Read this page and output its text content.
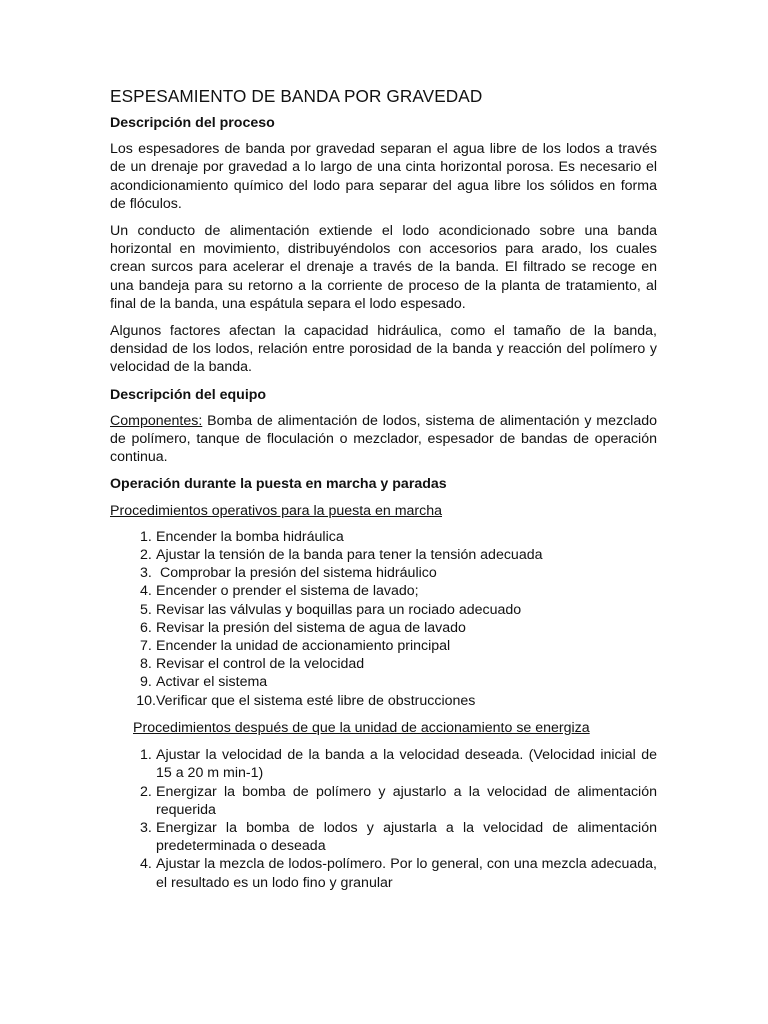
ESPESAMIENTO DE BANDA POR GRAVEDAD
Descripción del proceso

Los espesadores de banda por gravedad separan el agua libre de los lodos a través de un drenaje por gravedad a lo largo de una cinta horizontal porosa. Es necesario el acondicionamiento químico del lodo para separar del agua libre los sólidos en forma de flóculos.

Un conducto de alimentación extiende el lodo acondicionado sobre una banda horizontal en movimiento, distribuyéndolos con accesorios para arado, los cuales crean surcos para acelerar el drenaje a través de la banda. El filtrado se recoge en una bandeja para su retorno a la corriente de proceso de la planta de tratamiento, al final de la banda, una espátula separa el lodo espesado.

Algunos factores afectan la capacidad hidráulica, como el tamaño de la banda, densidad de los lodos, relación entre porosidad de la banda y reacción del polímero y velocidad de la banda.

Descripción del equipo

Componentes: Bomba de alimentación de lodos, sistema de alimentación y mezclado de polímero, tanque de floculación o mezclador, espesador de bandas de operación continua.

Operación durante la puesta en marcha y paradas
Procedimientos operativos para la puesta en marcha
1. Encender la bomba hidráulica
2. Ajustar la tensión de la banda para tener la tensión adecuada
3. Comprobar la presión del sistema hidráulico
4. Encender o prender el sistema de lavado;
5. Revisar las válvulas y boquillas para un rociado adecuado
6. Revisar la presión del sistema de agua de lavado
7. Encender la unidad de accionamiento principal
8. Revisar el control de la velocidad
9. Activar el sistema
10. Verificar que el sistema esté libre de obstrucciones
Procedimientos después de que la unidad de accionamiento se energiza
1. Ajustar la velocidad de la banda a la velocidad deseada. (Velocidad inicial de 15 a 20 m min-1)
2. Energizar la bomba de polímero y ajustarlo a la velocidad de alimentación requerida
3. Energizar la bomba de lodos y ajustarla a la velocidad de alimentación predeterminada o deseada
4. Ajustar la mezcla de lodos-polímero. Por lo general, con una mezcla adecuada, el resultado es un lodo fino y granular
